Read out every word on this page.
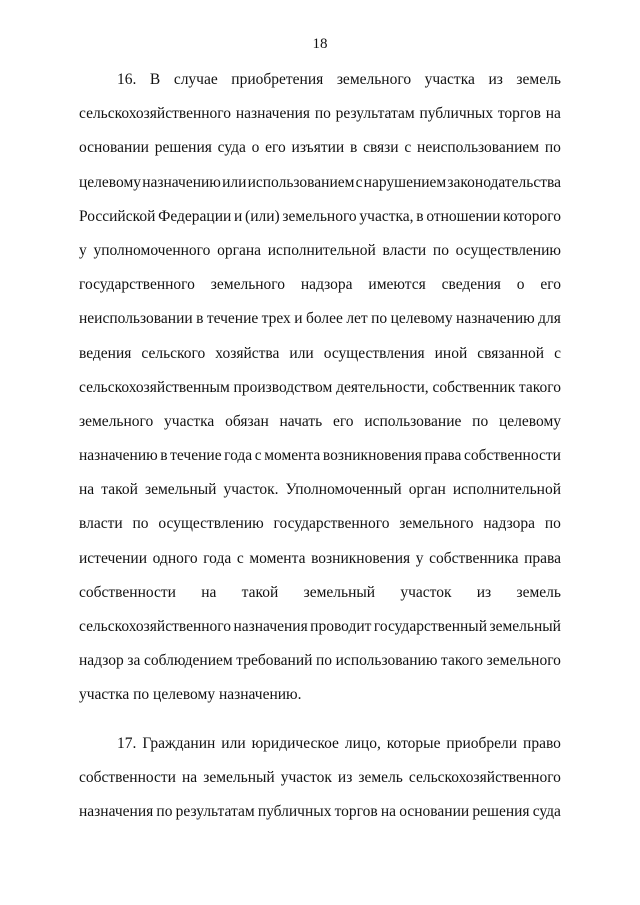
18
16. В случае приобретения земельного участка из земель
сельскохозяйственного назначения по результатам публичных торгов на
основании решения суда о его изъятии в связи с неиспользованием по
целевому назначению или использованием с нарушением законодательства
Российской Федерации и (или) земельного участка, в отношении которого
у уполномоченного органа исполнительной власти по осуществлению
государственного земельного надзора имеются сведения о его
неиспользовании в течение трех и более лет по целевому назначению для
ведения сельского хозяйства или осуществления иной связанной с
сельскохозяйственным производством деятельности, собственник такого
земельного участка обязан начать его использование по целевому
назначению в течение года с момента возникновения права собственности
на такой земельный участок. Уполномоченный орган исполнительной
власти по осуществлению государственного земельного надзора по
истечении одного года с момента возникновения у собственника права
собственности на такой земельный участок из земель
сельскохозяйственного назначения проводит государственный земельный
надзор за соблюдением требований по использованию такого земельного
участка по целевому назначению.
17. Гражданин или юридическое лицо, которые приобрели право
собственности на земельный участок из земель сельскохозяйственного
назначения по результатам публичных торгов на основании решения суда
